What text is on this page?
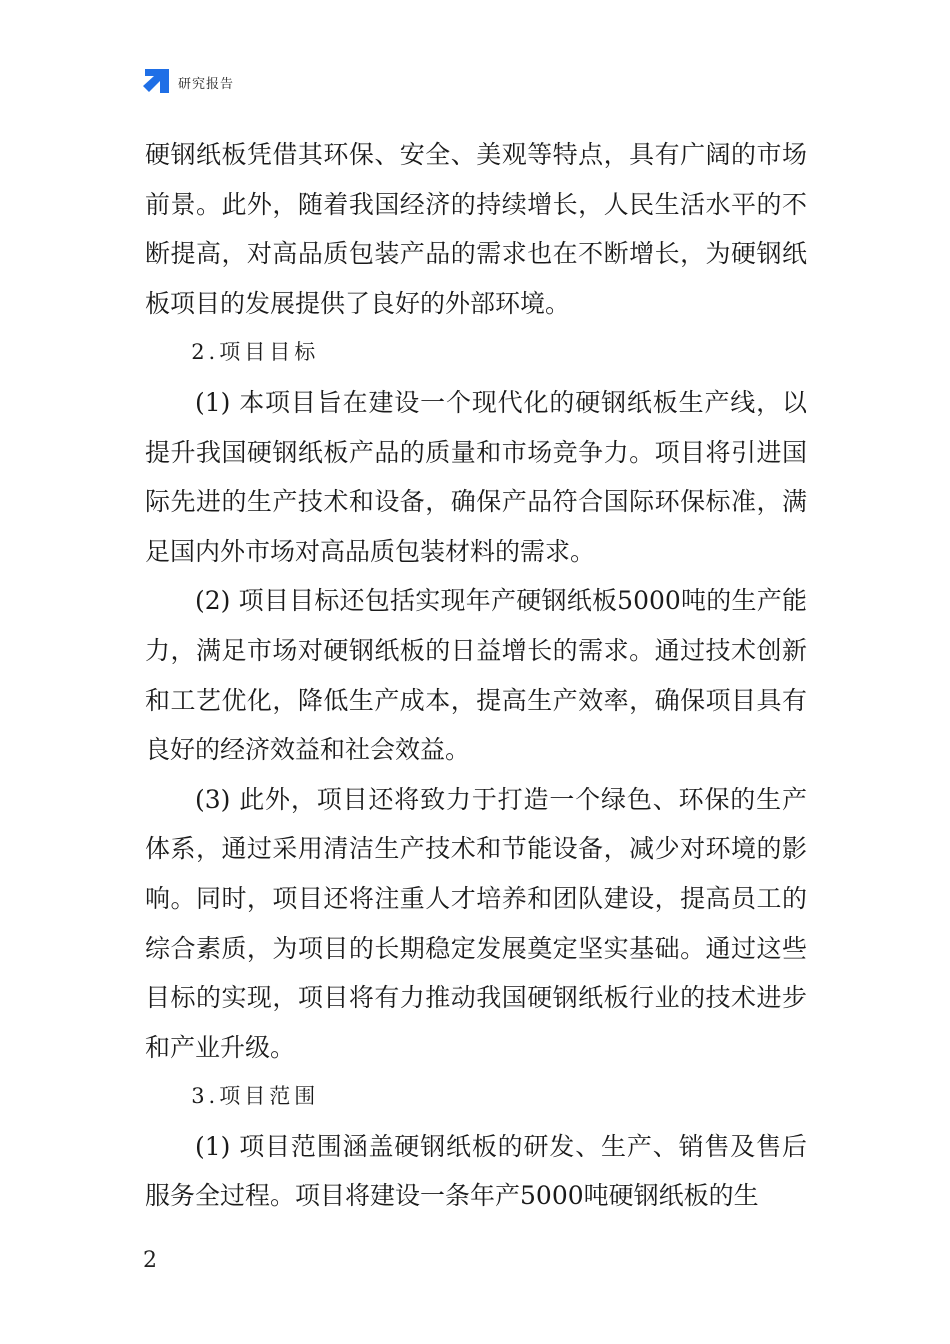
研究报告

硬钢纸板凭借其环保、安全、美观等特点，具有广阔的市场前景。此外，随着我国经济的持续增长，人民生活水平的不断提高，对高品质包装产品的需求也在不断增长，为硬钢纸板项目的发展提供了良好的外部环境。

2.项目目标

(1) 本项目旨在建设一个现代化的硬钢纸板生产线，以提升我国硬钢纸板产品的质量和市场竞争力。项目将引进国际先进的生产技术和设备，确保产品符合国际环保标准，满足国内外市场对高品质包装材料的需求。

(2) 项目目标还包括实现年产硬钢纸板5000吨的生产能力，满足市场对硬钢纸板的日益增长的需求。通过技术创新和工艺优化，降低生产成本，提高生产效率，确保项目具有良好的经济效益和社会效益。

(3) 此外，项目还将致力于打造一个绿色、环保的生产体系，通过采用清洁生产技术和节能设备，减少对环境的影响。同时，项目还将注重人才培养和团队建设，提高员工的综合素质，为项目的长期稳定发展奠定坚实基础。通过这些目标的实现，项目将有力推动我国硬钢纸板行业的技术进步和产业升级。

3.项目范围

(1) 项目范围涵盖硬钢纸板的研发、生产、销售及售后服务全过程。项目将建设一条年产5000吨硬钢纸板的生

2
